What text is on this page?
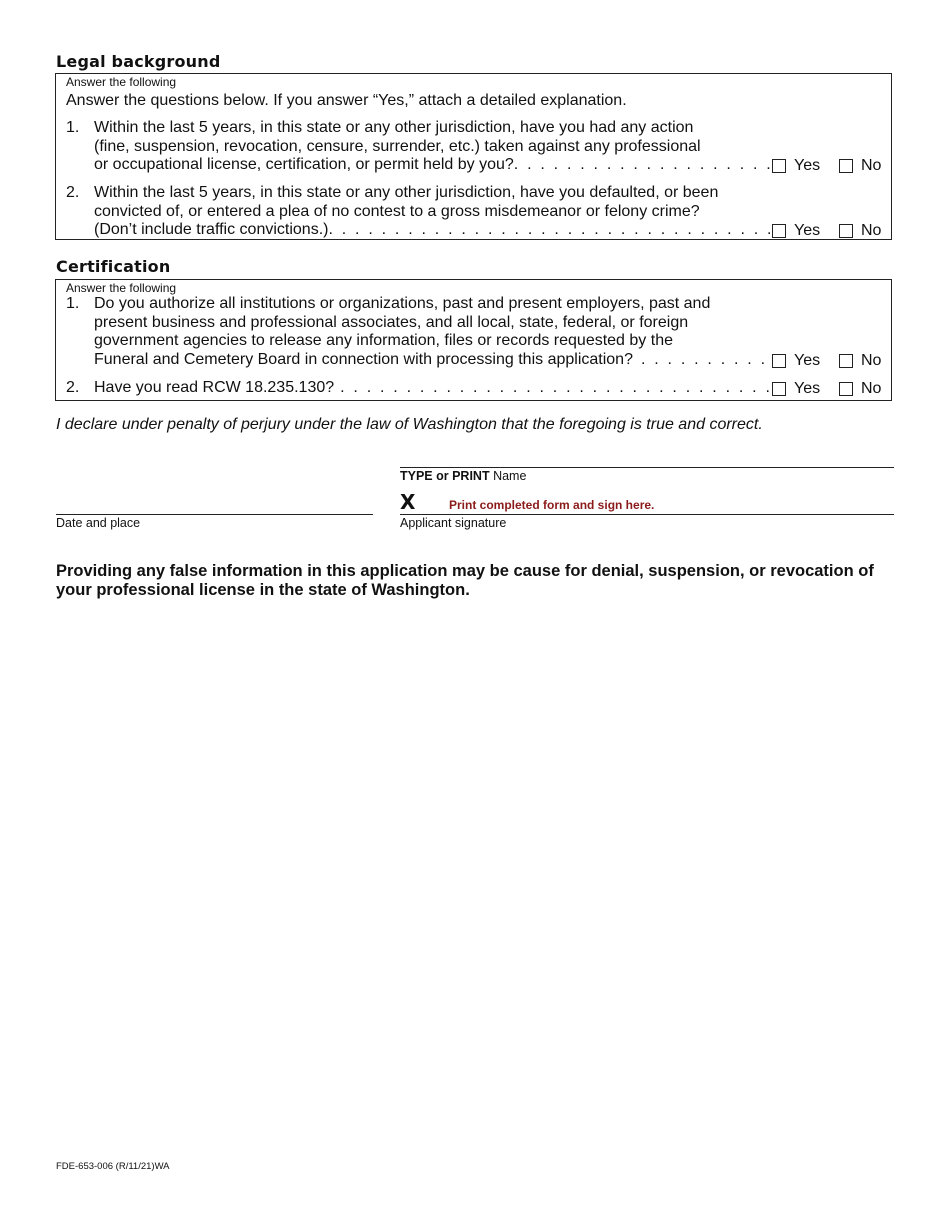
Legal background
Answer the following
Answer the questions below. If you answer “Yes,” attach a detailed explanation.
1. Within the last 5 years, in this state or any other jurisdiction, have you had any action
(fine, suspension, revocation, censure, surrender, etc.) taken against any professional
or occupational license, certification, or permit held by you? . . .	Yes	No
2. Within the last 5 years, in this state or any other jurisdiction, have you defaulted, or been
convicted of, or entered a plea of no contest to a gross misdemeanor or felony crime?
(Don’t include traffic convictions.) . . .	Yes	No
Certification
Answer the following
1. Do you authorize all institutions or organizations, past and present employers, past and
present business and professional associates, and all local, state, federal, or foreign
government agencies to release any information, files or records requested by the
Funeral and Cemetery Board in connection with processing this application? . . .	Yes	No
2. Have you read RCW 18.235.130? . . .	Yes	No
I declare under penalty of perjury under the law of Washington that the foregoing is true and correct.
TYPE or PRINT Name
X	Print completed form and sign here.
Date and place	Applicant signature
Providing any false information in this application may be cause for denial, suspension, or revocation of your professional license in the state of Washington.
FDE-653-006 (R/11/21)WA
